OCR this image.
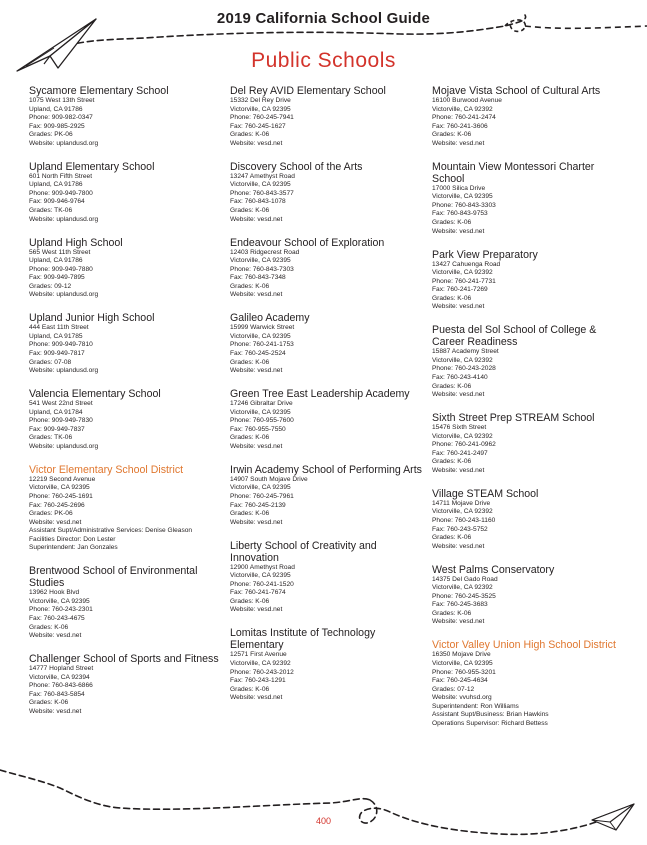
2019 California School Guide
Public Schools
Sycamore Elementary School
1075 West 13th Street
Upland, CA 91786
Phone: 909-982-0347
Fax: 909-985-2925
Grades: PK-06
Website: uplandusd.org
Upland Elementary School
601 North Fifth Street
Upland, CA 91786
Phone: 909-949-7800
Fax: 909-946-9764
Grades: TK-06
Website: uplandusd.org
Upland High School
565 West 11th Street
Upland, CA 91786
Phone: 909-949-7880
Fax: 909-949-7895
Grades: 09-12
Website: uplandusd.org
Upland Junior High School
444 East 11th Street
Upland, CA 91785
Phone: 909-949-7810
Fax: 909-949-7817
Grades: 07-08
Website: uplandusd.org
Valencia Elementary School
541 West 22nd Street
Upland, CA 91784
Phone: 909-949-7830
Fax: 909-949-7837
Grades: TK-06
Website: uplandusd.org
Victor Elementary School District
12219 Second Avenue
Victorville, CA 92395
Phone: 760-245-1691
Fax: 760-245-2696
Grades: PK-06
Website: vesd.net
Assistant Supt/Administrative Services: Denise Gleason
Facilities Director: Don Lester
Superintendent: Jan Gonzales
Brentwood School of Environmental Studies
13962 Hook Blvd
Victorville, CA 92395
Phone: 760-243-2301
Fax: 760-243-4675
Grades: K-06
Website: vesd.net
Challenger School of Sports and Fitness
14777 Hopland Street
Victorville, CA 92394
Phone: 760-843-6866
Fax: 760-843-5854
Grades: K-06
Website: vesd.net
Del Rey AVID Elementary School
15332 Del Rey Drive
Victorville, CA 92395
Phone: 760-245-7941
Fax: 760-245-1627
Grades: K-06
Website: vesd.net
Discovery School of the Arts
13247 Amethyst Road
Victorville, CA 92395
Phone: 760-843-3577
Fax: 760-843-1078
Grades: K-06
Website: vesd.net
Endeavour School of Exploration
12403 Ridgecrest Road
Victorville, CA 92395
Phone: 760-843-7303
Fax: 760-843-7348
Grades: K-06
Website: vesd.net
Galileo Academy
15999 Warwick Street
Victorville, CA 92395
Phone: 760-241-1753
Fax: 760-245-2524
Grades: K-06
Website: vesd.net
Green Tree East Leadership Academy
17246 Gibraltar Drive
Victorville, CA 92395
Phone: 760-955-7600
Fax: 760-955-7550
Grades: K-06
Website: vesd.net
Irwin Academy School of Performing Arts
14907 South Mojave Drive
Victorville, CA 92395
Phone: 760-245-7961
Fax: 760-245-2139
Grades: K-06
Website: vesd.net
Liberty School of Creativity and Innovation
12900 Amethyst Road
Victorville, CA 92395
Phone: 760-241-1520
Fax: 760-241-7674
Grades: K-06
Website: vesd.net
Lomitas Institute of Technology Elementary
12571 First Avenue
Victorville, CA 92392
Phone: 760-243-2012
Fax: 760-243-1291
Grades: K-06
Website: vesd.net
Mojave Vista School of Cultural Arts
16100 Burwood Avenue
Victorville, CA 92392
Phone: 760-241-2474
Fax: 760-241-3606
Grades: K-06
Website: vesd.net
Mountain View Montessori Charter School
17000 Silica Drive
Victorville, CA 92395
Phone: 760-843-3303
Fax: 760-843-9753
Grades: K-06
Website: vesd.net
Park View Preparatory
13427 Cahuenga Road
Victorville, CA 92392
Phone: 760-241-7731
Fax: 760-241-7269
Grades: K-06
Website: vesd.net
Puesta del Sol School of College & Career Readiness
15887 Academy Street
Victorville, CA 92392
Phone: 760-243-2028
Fax: 760-243-4140
Grades: K-06
Website: vesd.net
Sixth Street Prep STREAM School
15476 Sixth Street
Victorville, CA 92392
Phone: 760-241-0962
Fax: 760-241-2497
Grades: K-06
Website: vesd.net
Village STEAM School
14711 Mojave Drive
Victorville, CA 92392
Phone: 760-243-1160
Fax: 760-243-5752
Grades: K-06
Website: vesd.net
West Palms Conservatory
14375 Del Gado Road
Victorville, CA 92392
Phone: 760-245-3525
Fax: 760-245-3683
Grades: K-06
Website: vesd.net
Victor Valley Union High School District
16350 Mojave Drive
Victorville, CA 92395
Phone: 760-955-3201
Fax: 760-245-4634
Grades: 07-12
Website: vvuhsd.org
Superintendent: Ron Williams
Assistant Supt/Business: Brian Hawkins
Operations Supervisor: Richard Bettess
400
